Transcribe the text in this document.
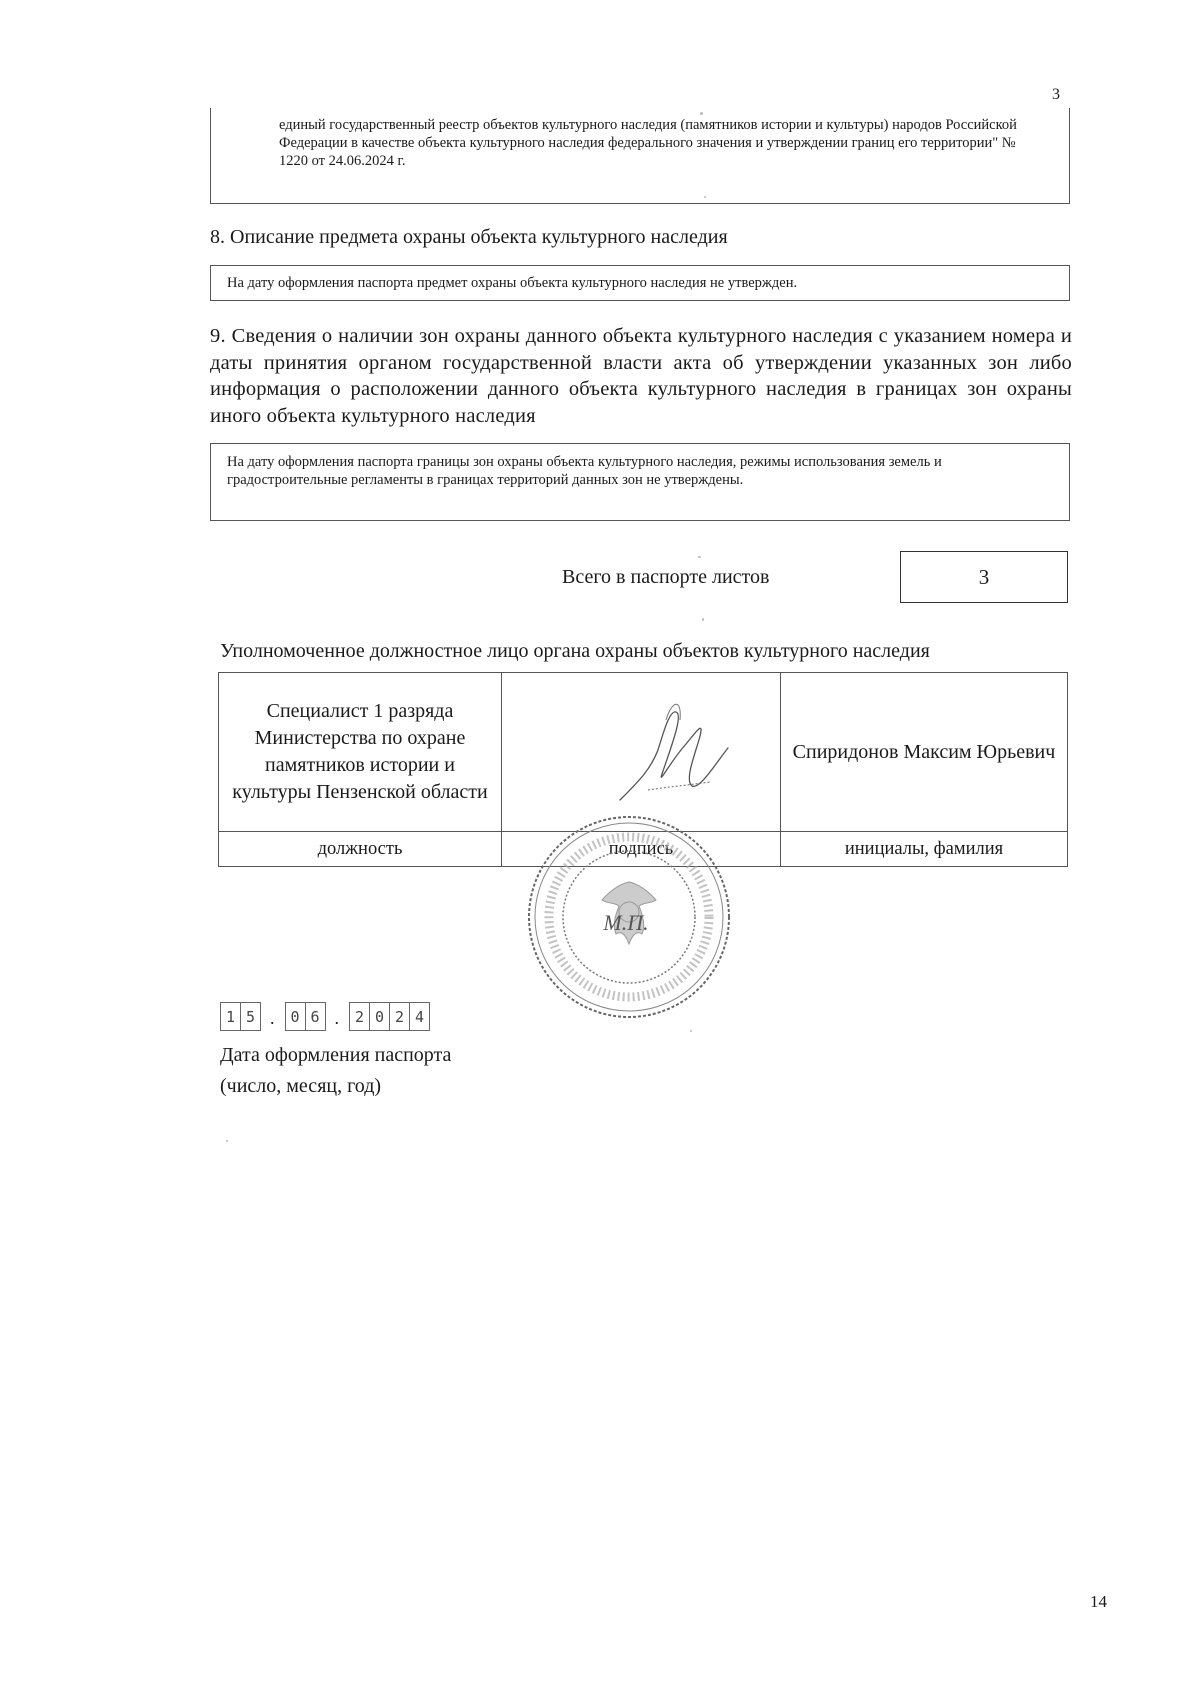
3
единый государственный реестр объектов культурного наследия (памятников истории и культуры) народов Российской Федерации в качестве объекта культурного наследия федерального значения и утверждении границ его территории" № 1220 от 24.06.2024 г.
8. Описание предмета охраны объекта культурного наследия
На дату оформления паспорта предмет охраны объекта культурного наследия не утвержден.
9. Сведения о наличии зон охраны данного объекта культурного наследия с указанием номера и даты принятия органом государственной власти акта об утверждении указанных зон либо информация о расположении данного объекта культурного наследия в границах зон охраны иного объекта культурного наследия
На дату оформления паспорта границы зон охраны объекта культурного наследия, режимы использования земель и градостроительные регламенты в границах территорий данных зон не утверждены.
Всего в паспорте листов	3
Уполномоченное должностное лицо органа охраны объектов культурного наследия
Специалист 1 разряда Министерства по охране памятников истории и культуры Пензенской области		Спиридонов Максим Юрьевич
должность	подпись	инициалы, фамилия
М.П.
1 5 .	0 6 .	2 0 2 4
Дата оформления паспорта
(число, месяц, год)
14
